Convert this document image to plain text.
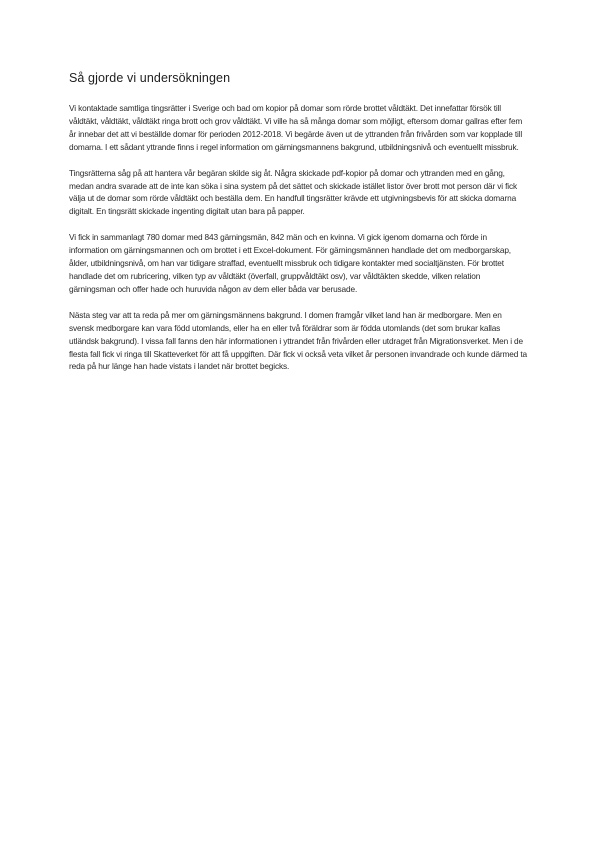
Så gjorde vi undersökningen

Vi kontaktade samtliga tingsrätter i Sverige och bad om kopior på domar som rörde brottet våldtäkt. Det innefattar försök till våldtäkt, våldtäkt, våldtäkt ringa brott och grov våldtäkt. Vi ville ha så många domar som möjligt, eftersom domar gallras efter fem år innebar det att vi beställde domar för perioden 2012-2018. Vi begärde även ut de yttranden från frivården som var kopplade till domarna. I ett sådant yttrande finns i regel information om gärningsmannens bakgrund, utbildningsnivå och eventuellt missbruk.

Tingsrätterna såg på att hantera vår begäran skilde sig åt. Några skickade pdf-kopior på domar och yttranden med en gång, medan andra svarade att de inte kan söka i sina system på det sättet och skickade istället listor över brott mot person där vi fick välja ut de domar som rörde våldtäkt och beställa dem. En handfull tingsrätter krävde ett utgivningsbevis för att skicka domarna digitalt. En tingsrätt skickade ingenting digitalt utan bara på papper.

Vi fick in sammanlagt 780 domar med 843 gärningsmän, 842 män och en kvinna. Vi gick igenom domarna och förde in information om gärningsmannen och om brottet i ett Excel-dokument. För gärningsmännen handlade det om medborgarskap, ålder, utbildningsnivå, om han var tidigare straffad, eventuellt missbruk och tidigare kontakter med socialtjänsten. För brottet handlade det om rubricering, vilken typ av våldtäkt (överfall, gruppvåldtäkt osv), var våldtäkten skedde, vilken relation gärningsman och offer hade och huruvida någon av dem eller båda var berusade.

Nästa steg var att ta reda på mer om gärningsmännens bakgrund. I domen framgår vilket land han är medborgare. Men en svensk medborgare kan vara född utomlands, eller ha en eller två föräldrar som är födda utomlands (det som brukar kallas utländsk bakgrund). I vissa fall fanns den här informationen i yttrandet från frivården eller utdraget från Migrationsverket. Men i de flesta fall fick vi ringa till Skatteverket för att få uppgiften. Där fick vi också veta vilket år personen invandrade och kunde därmed ta reda på hur länge han hade vistats i landet när brottet begicks.
